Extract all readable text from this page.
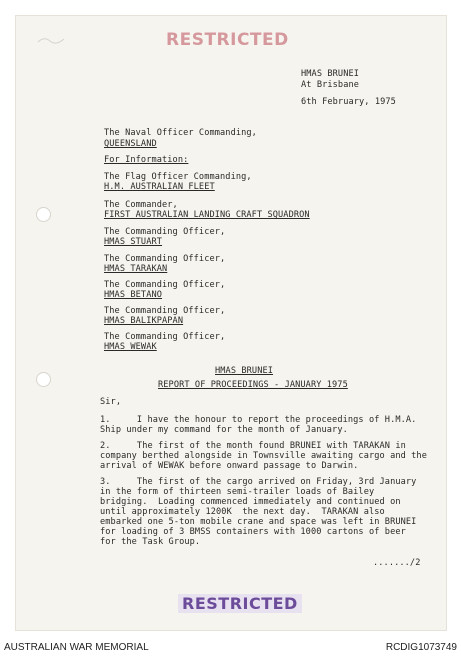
RESTRICTED
HMAS BRUNEI
At Brisbane
6th February, 1975
The Naval Officer Commanding,
QUEENSLAND
For Information:
The Flag Officer Commanding,
H.M. AUSTRALIAN FLEET
The Commander,
FIRST AUSTRALIAN LANDING CRAFT SQUADRON
The Commanding Officer,
HMAS STUART
The Commanding Officer,
HMAS TARAKAN
The Commanding Officer,
HMAS BETANO
The Commanding Officer,
HMAS BALIKPAPAN
The Commanding Officer,
HMAS WEWAK
HMAS BRUNEI
REPORT OF PROCEEDINGS - JANUARY 1975
Sir,
1.     I have the honour to report the proceedings of H.M.A.
Ship under my command for the month of January.
2.     The first of the month found BRUNEI with TARAKAN in
company berthed alongside in Townsville awaiting cargo and the
arrival of WEWAK before onward passage to Darwin.
3.     The first of the cargo arrived on Friday, 3rd January
in the form of thirteen semi-trailer loads of Bailey
bridging.  Loading commenced immediately and continued on
until approximately 1200K  the next day.  TARAKAN also
embarked one 5-ton mobile crane and space was left in BRUNEI
for loading of 3 BMSS containers with 1000 cartons of beer
for the Task Group.
......./2
RESTRICTED
AUSTRALIAN WAR MEMORIAL	RCDIG1073749
